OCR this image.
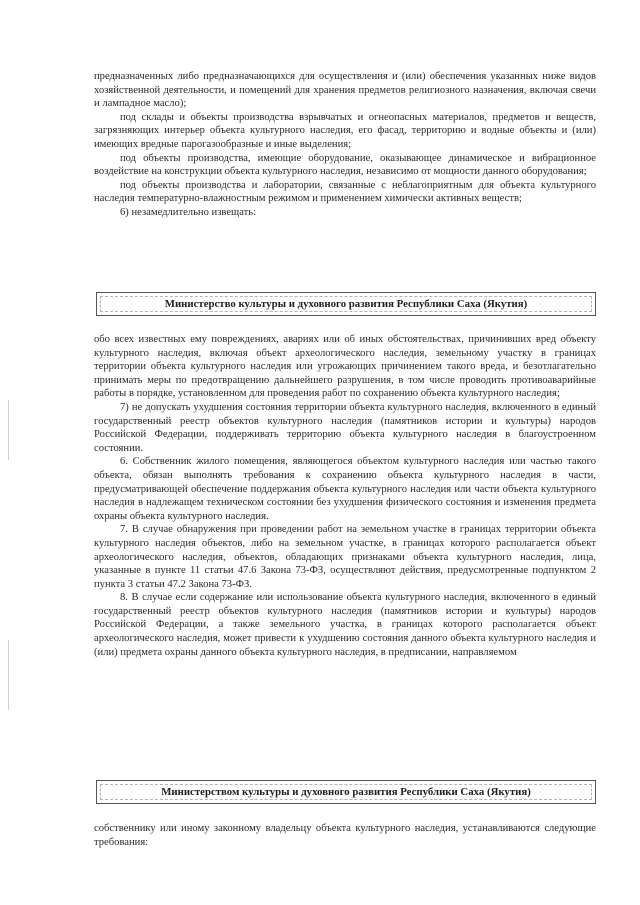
предназначенных либо предназначающихся для осуществления и (или) обеспечения указанных ниже видов хозяйственной деятельности, и помещений для хранения предметов религиозного назначения, включая свечи и лампадное масло);

под склады и объекты производства взрывчатых и огнеопасных материалов, предметов и веществ, загрязняющих интерьер объекта культурного наследия, его фасад, территорию и водные объекты и (или) имеющих вредные парогазообразные и иные выделения;

под объекты производства, имеющие оборудование, оказывающее динамическое и вибрационное воздействие на конструкции объекта культурного наследия, независимо от мощности данного оборудования;

под объекты производства и лаборатории, связанные с неблагоприятным для объекта культурного наследия температурно-влажностным режимом и применением химически активных веществ;

6) незамедлительно извещать:

Министерство культуры и духовного развития Республики Саха (Якутия)

обо всех известных ему повреждениях, авариях или об иных обстоятельствах, причинивших вред объекту культурного наследия, включая объект археологического наследия, земельному участку в границах территории объекта культурного наследия или угрожающих причинением такого вреда, и безотлагательно принимать меры по предотвращению дальнейшего разрушения, в том числе проводить противоаварийные работы в порядке, установленном для проведения работ по сохранению объекта культурного наследия;

7) не допускать ухудшения состояния территории объекта культурного наследия, включенного в единый государственный реестр объектов культурного наследия (памятников истории и культуры) народов Российской Федерации, поддерживать территорию объекта культурного наследия в благоустроенном состоянии.

6. Собственник жилого помещения, являющегося объектом культурного наследия или частью такого объекта, обязан выполнять требования к сохранению объекта культурного наследия в части, предусматривающей обеспечение поддержания объекта культурного наследия или части объекта культурного наследия в надлежащем техническом состоянии без ухудшения физического состояния и изменения предмета охраны объекта культурного наследия.

7. В случае обнаружения при проведении работ на земельном участке в границах территории объекта культурного наследия объектов, либо на земельном участке, в границах которого располагается объект археологического наследия, объектов, обладающих признаками объекта культурного наследия, лица, указанные в пункте 11 статьи 47.6 Закона 73-ФЗ, осуществляют действия, предусмотренные подпунктом 2 пункта 3 статьи 47.2 Закона 73-ФЗ.

8. В случае если содержание или использование объекта культурного наследия, включенного в единый государственный реестр объектов культурного наследия (памятников истории и культуры) народов Российской Федерации, а также земельного участка, в границах которого располагается объект археологического наследия, может привести к ухудшению состояния данного объекта культурного наследия и (или) предмета охраны данного объекта культурного наследия, в предписании, направляемом

Министерством культуры и духовного развития Республики Саха (Якутия)

собственнику или иному законному владельцу объекта культурного наследия, устанавливаются следующие требования:
